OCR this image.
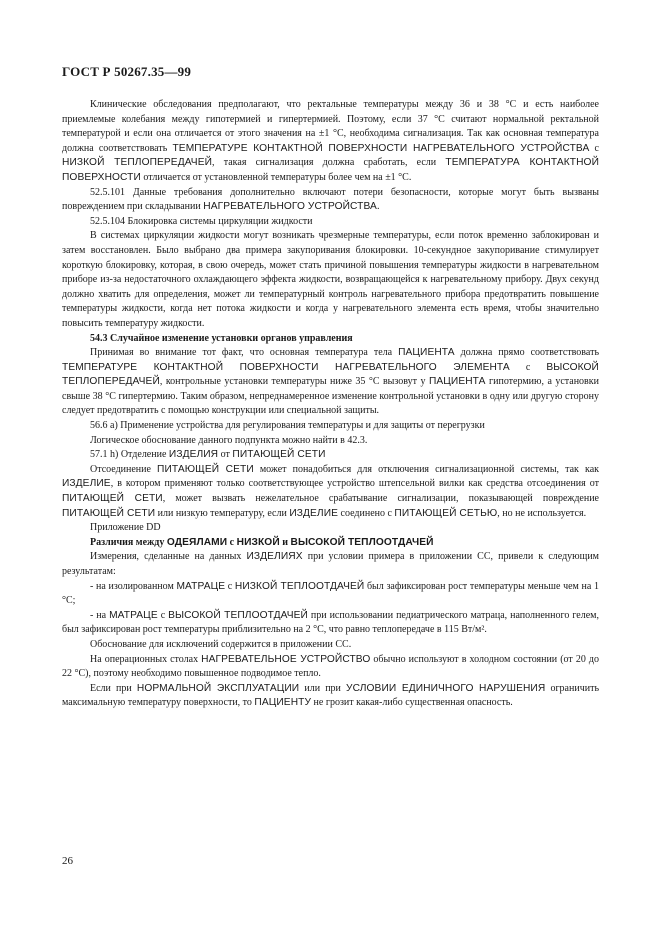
ГОСТ Р 50267.35—99

Клинические обследования предполагают, что ректальные температуры между 36 и 38 °С и есть наиболее приемлемые колебания между гипотермией и гипертермией. Поэтому, если 37 °С считают нормальной ректальной температурой и если она отличается от этого значения на ±1 °С, необходима сигнализация. Так как основная температура должна соответствовать ТЕМПЕРАТУРЕ КОНТАКТНОЙ ПОВЕРХНОСТИ НАГРЕВАТЕЛЬНОГО УСТРОЙСТВА с НИЗКОЙ ТЕПЛОПЕРЕДАЧЕЙ, такая сигнализация должна сработать, если ТЕМПЕРАТУРА КОНТАКТНОЙ ПОВЕРХНОСТИ отличается от установленной температуры более чем на ±1 °С.

52.5.101 Данные требования дополнительно включают потери безопасности, которые могут быть вызваны повреждением при складывании НАГРЕВАТЕЛЬНОГО УСТРОЙСТВА.

52.5.104 Блокировка системы циркуляции жидкости

В системах циркуляции жидкости могут возникать чрезмерные температуры, если поток временно заблокирован и затем восстановлен. Было выбрано два примера закупоривания блокировки. 10-секундное закупоривание стимулирует короткую блокировку, которая, в свою очередь, может стать причиной повышения температуры жидкости в нагревательном приборе из-за недостаточного охлаждающего эффекта жидкости, возвращающейся к нагревательному прибору. Двух секунд должно хватить для определения, может ли температурный контроль нагревательного прибора предотвратить повышение температуры жидкости, когда нет потока жидкости и когда у нагревательного элемента есть время, чтобы значительно повысить температуру жидкости.

54.3 Случайное изменение установки органов управления

Принимая во внимание тот факт, что основная температура тела ПАЦИЕНТА должна прямо соответствовать ТЕМПЕРАТУРЕ КОНТАКТНОЙ ПОВЕРХНОСТИ НАГРЕВАТЕЛЬНОГО ЭЛЕМЕНТА с ВЫСОКОЙ ТЕПЛОПЕРЕДАЧЕЙ, контрольные установки температуры ниже 35 °С вызовут у ПАЦИЕНТА гипотермию, а установки свыше 38 °С гипертермию. Таким образом, непреднамеренное изменение контрольной установки в одну или другую сторону следует предотвратить с помощью конструкции или специальной защиты.

56.6 а) Применение устройства для регулирования температуры и для защиты от перегрузки

Логическое обоснование данного подпункта можно найти в 42.3.

57.1 h) Отделение ИЗДЕЛИЯ от ПИТАЮЩЕЙ СЕТИ

Отсоединение ПИТАЮЩЕЙ СЕТИ может понадобиться для отключения сигнализационной системы, так как ИЗДЕЛИЕ, в котором применяют только соответствующее устройство штепсельной вилки как средства отсоединения от ПИТАЮЩЕЙ СЕТИ, может вызвать нежелательное срабатывание сигнализации, показывающей повреждение ПИТАЮЩЕЙ СЕТИ или низкую температуру, если ИЗДЕЛИЕ соединено с ПИТАЮЩЕЙ СЕТЬЮ, но не используется.

Приложение DD

Различия между ОДЕЯЛАМИ с НИЗКОЙ и ВЫСОКОЙ ТЕПЛООТДАЧЕЙ

Измерения, сделанные на данных ИЗДЕЛИЯХ при условии примера в приложении СС, привели к следующим результатам:

- на изолированном МАТРАЦЕ с НИЗКОЙ ТЕПЛООТДАЧЕЙ был зафиксирован рост температуры меньше чем на 1 °С;

- на МАТРАЦЕ с ВЫСОКОЙ ТЕПЛООТДАЧЕЙ при использовании педиатрического матраца, наполненного гелем, был зафиксирован рост температуры приблизительно на 2 °С, что равно теплопередаче в 115 Вт/м².

Обоснование для исключений содержится в приложении СС.

На операционных столах НАГРЕВАТЕЛЬНОЕ УСТРОЙСТВО обычно используют в холодном состоянии (от 20 до 22 °С), поэтому необходимо повышенное подводимое тепло.

Если при НОРМАЛЬНОЙ ЭКСПЛУАТАЦИИ или при УСЛОВИИ ЕДИНИЧНОГО НАРУШЕНИЯ ограничить максимальную температуру поверхности, то ПАЦИЕНТУ не грозит какая-либо существенная опасность.

26
